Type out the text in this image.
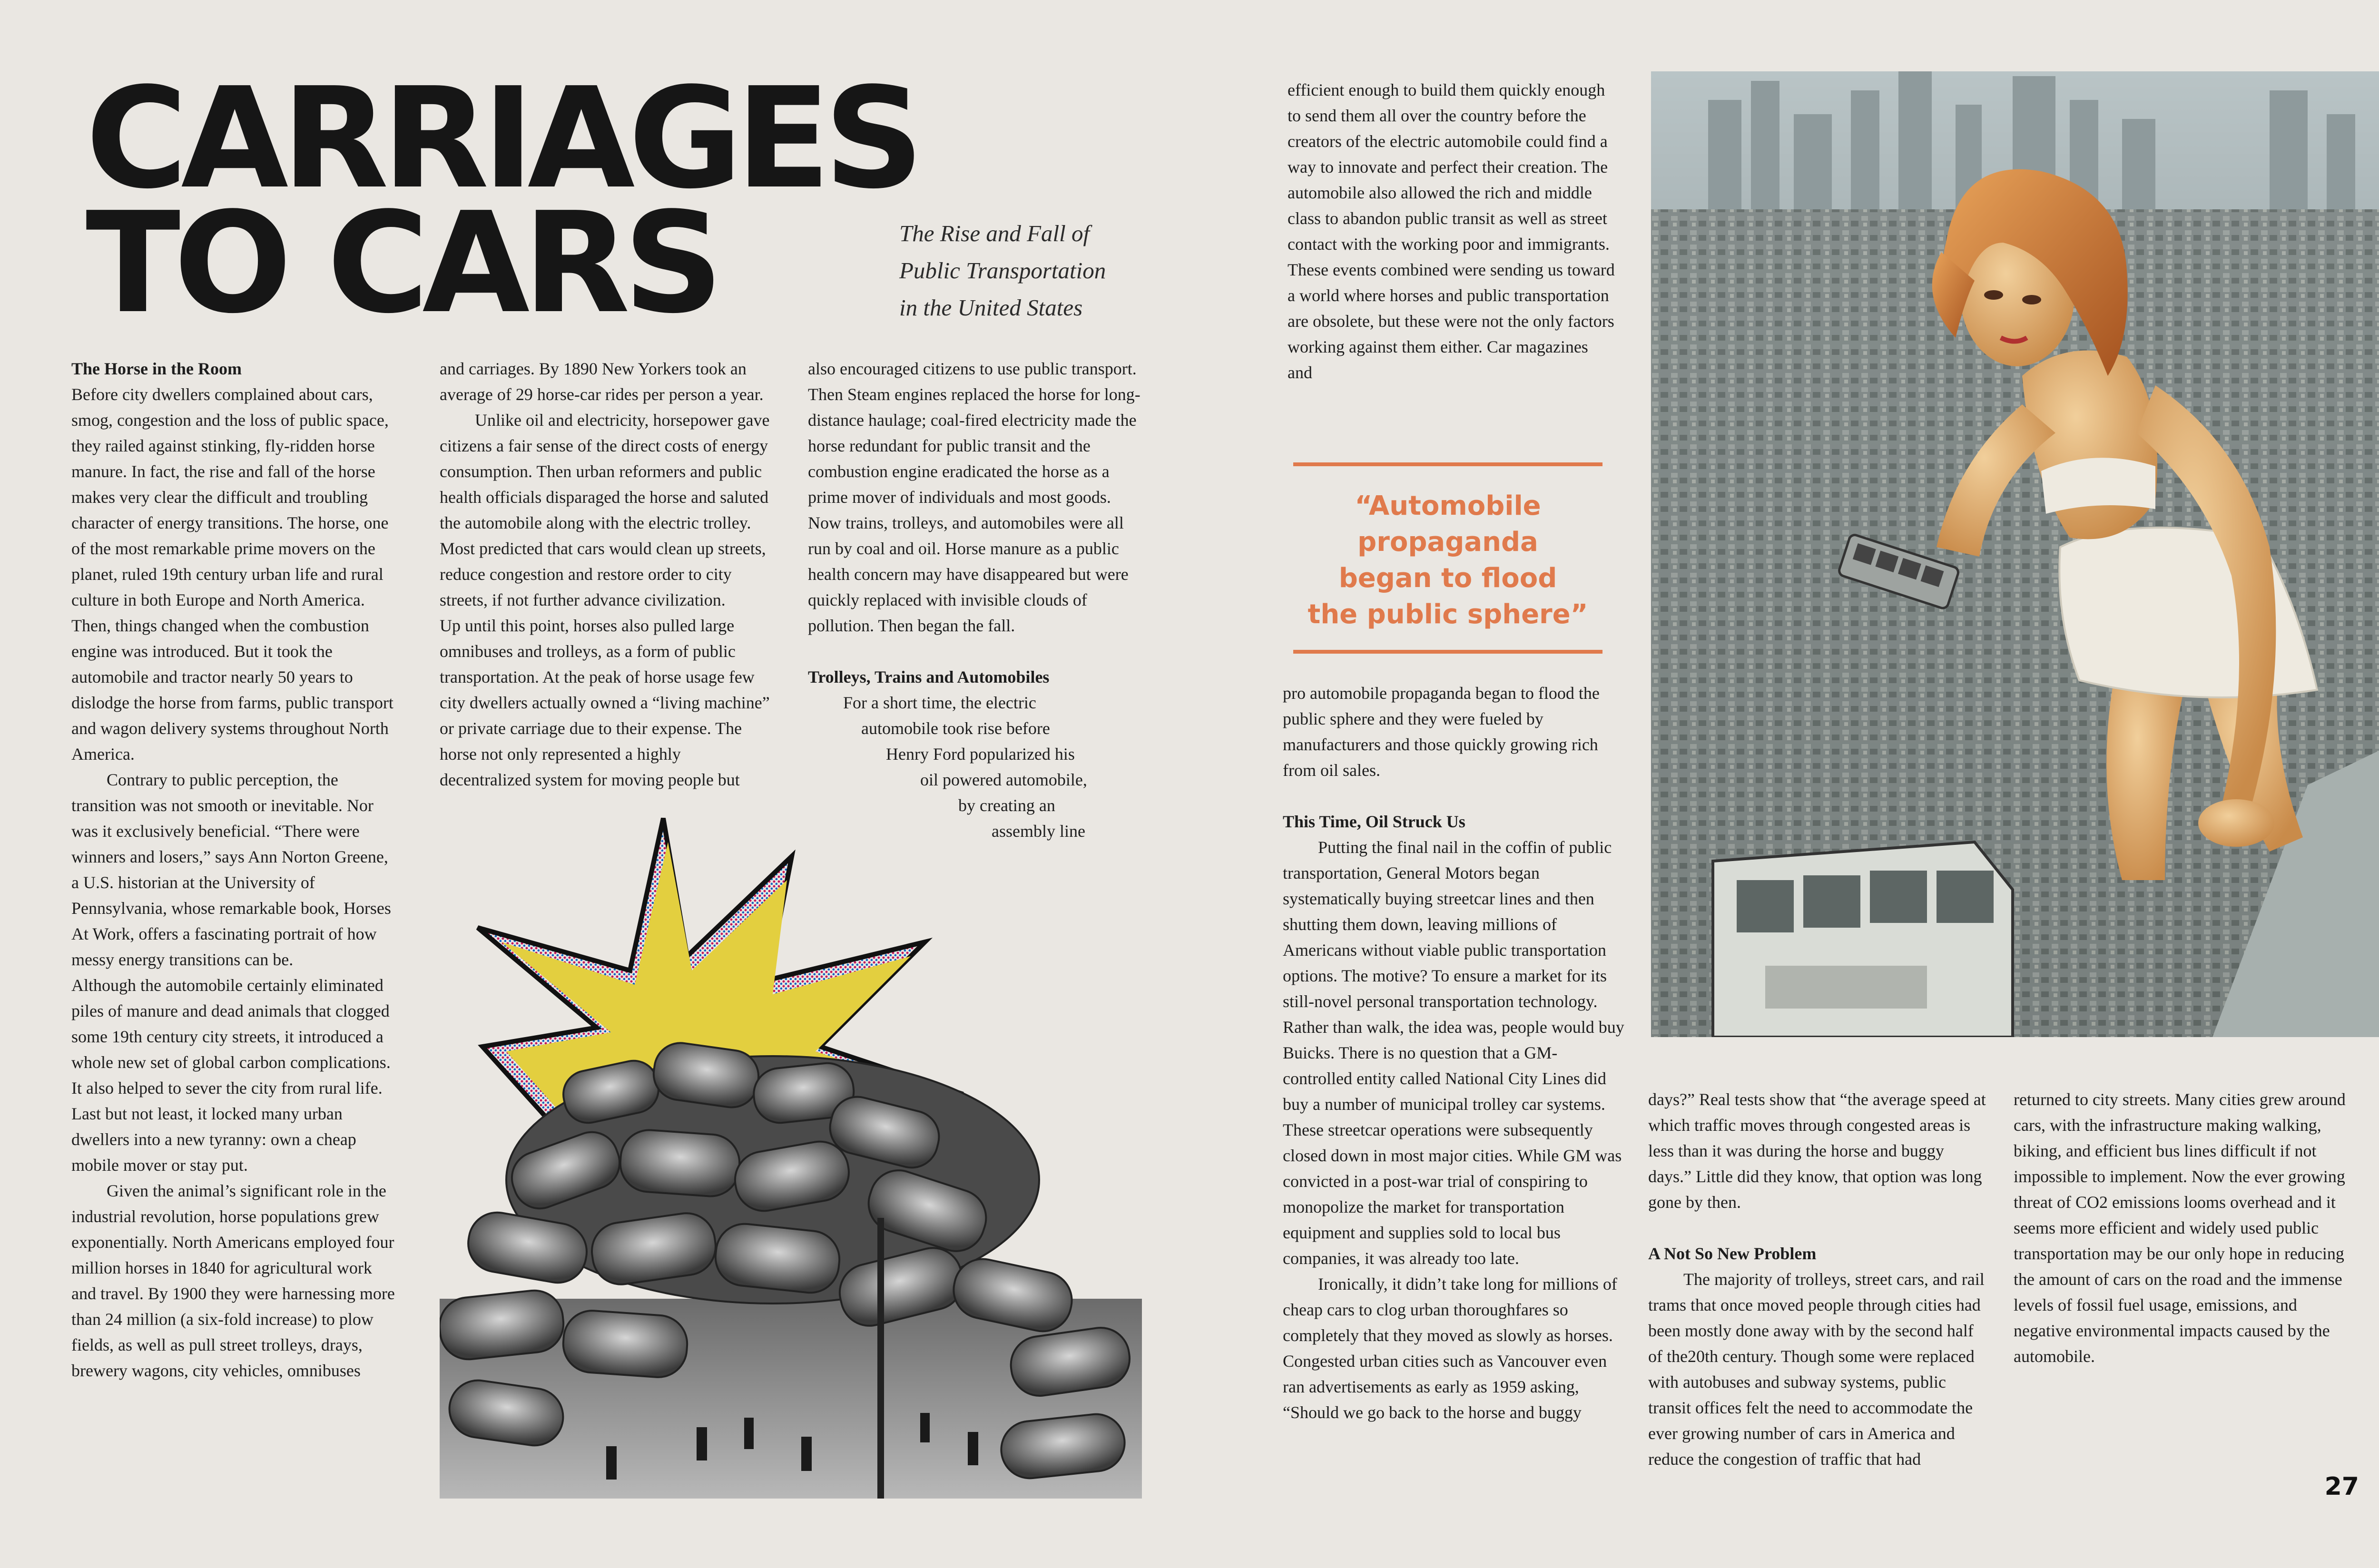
CARRIAGES
TO CARS	The Rise and Fall of
Public Transportation
in the United States
The Horse in the Room

Before city dwellers complained about cars, smog, congestion and the loss of public space, they railed against stinking, fly-ridden horse manure. In fact, the rise and fall of the horse makes very clear the difficult and troubling character of energy transitions. The horse, one of the most remarkable prime movers on the planet, ruled 19th century urban life and rural culture in both Europe and North America. Then, things changed when the combustion engine was introduced. But it took the automobile and tractor nearly 50 years to dislodge the horse from farms, public transport and wagon delivery systems throughout North America.

Contrary to public perception, the transition was not smooth or inevitable. Nor was it exclusively beneficial. “There were winners and losers,” says Ann Norton Greene, a U.S. historian at the University of Pennsylvania, whose remarkable book, Horses At Work, offers a fascinating portrait of how messy energy transitions can be.

Although the automobile certainly eliminated piles of manure and dead animals that clogged some 19th century city streets, it introduced a whole new set of global carbon complications. It also helped to sever the city from rural life. Last but not least, it locked many urban dwellers into a new tyranny: own a cheap mobile mover or stay put.

Given the animal’s significant role in the industrial revolution, horse populations grew exponentially. North Americans employed four million horses in 1840 for agricultural work and travel. By 1900 they were harnessing more than 24 million (a six-fold increase) to plow fields, as well as pull street trolleys, drays, brewery wagons, city vehicles, omnibuses

and carriages. By 1890 New Yorkers took an average of 29 horse-car rides per person a year.

Unlike oil and electricity, horsepower gave citizens a fair sense of the direct costs of energy consumption. Then urban reformers and public health officials disparaged the horse and saluted the automobile along with the electric trolley. Most predicted that cars would clean up streets, reduce congestion and restore order to city streets, if not further advance civilization.

Up until this point, horses also pulled large omnibuses and trolleys, as a form of public transportation. At the peak of horse usage few city dwellers actually owned a “living machine” or private carriage due to their expense. The horse not only represented a highly decentralized system for moving people but

also encouraged citizens to use public transport. Then Steam engines replaced the horse for long-distance haulage; coal-fired electricity made the horse redundant for public transit and the combustion engine eradicated the horse as a prime mover of individuals and most goods. Now trains, trolleys, and automobiles were all run by coal and oil. Horse manure as a public health concern may have disappeared but were quickly replaced with invisible clouds of pollution. Then began the fall.

Trolleys, Trains and Automobiles
For a short time, the electric
automobile took rise before
Henry Ford popularized his
oil powered automobile,
by creating an
assembly line

efficient enough to build them quickly enough to send them all over the country before the creators of the electric automobile could find a way to innovate and perfect their creation. The automobile also allowed the rich and middle class to abandon public transit as well as street contact with the working poor and immigrants. These events combined were sending us toward a world where horses and public transportation are obsolete, but these were not the only factors working against them either. Car magazines and

“Automobile
propaganda
began to flood
the public sphere”

pro automobile propaganda began to flood the public sphere and they were fueled by manufacturers and those quickly growing rich from oil sales.

This Time, Oil Struck Us

Putting the final nail in the coffin of public transportation, General Motors began systematically buying streetcar lines and then shutting them down, leaving millions of Americans without viable public transportation options. The motive? To ensure a market for its still-novel personal transportation technology. Rather than walk, the idea was, people would buy Buicks. There is no question that a GM-controlled entity called National City Lines did buy a number of municipal trolley car systems. These streetcar operations were subsequently closed down in most major cities. While GM was convicted in a post-war trial of conspiring to monopolize the market for transportation equipment and supplies sold to local bus companies, it was already too late.

Ironically, it didn’t take long for millions of cheap cars to clog urban thoroughfares so completely that they moved as slowly as horses. Congested urban cities such as Vancouver even ran advertisements as early as 1959 asking, “Should we go back to the horse and buggy

days?” Real tests show that “the average speed at which traffic moves through congested areas is less than it was during the horse and buggy days.” Little did they know, that option was long gone by then.

A Not So New Problem

The majority of trolleys, street cars, and rail trams that once moved people through cities had been mostly done away with by the second half of the20th century. Though some were replaced with autobuses and subway systems, public transit offices felt the need to accommodate the ever growing number of cars in America and reduce the congestion of traffic that had

returned to city streets. Many cities grew around cars, with the infrastructure making walking, biking, and efficient bus lines difficult if not impossible to implement. Now the ever growing threat of CO2 emissions looms overhead and it seems more efficient and widely used public transportation may be our only hope in reducing the amount of cars on the road and the immense levels of fossil fuel usage, emissions, and negative environmental impacts caused by the automobile.

27
